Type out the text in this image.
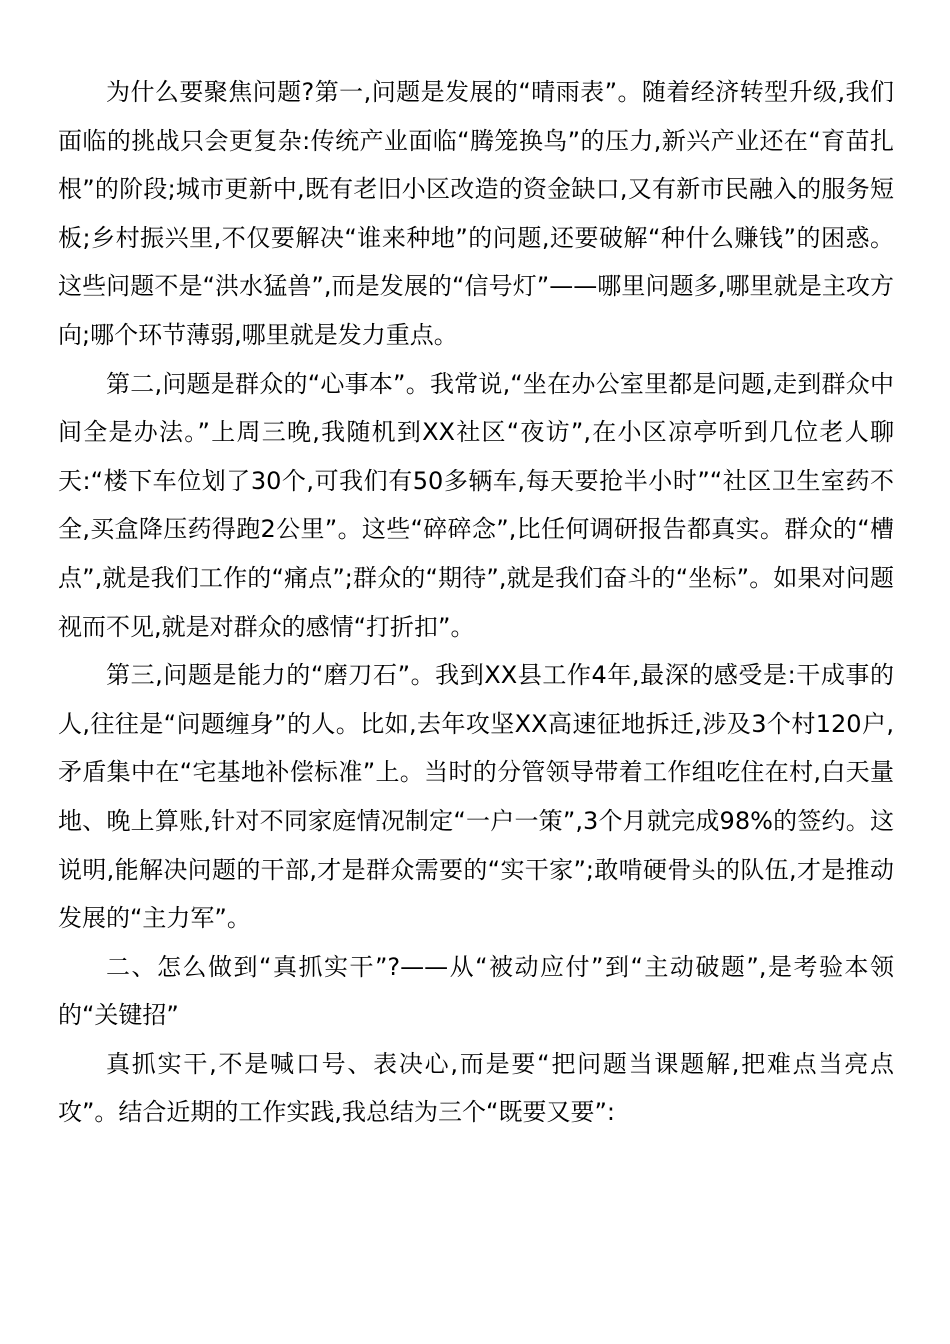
为什么要聚焦问题?第一,问题是发展的“晴雨表”。随着经济转型升级,我们面临的挑战只会更复杂:传统产业面临“腾笼换鸟”的压力,新兴产业还在“育苗扎根”的阶段;城市更新中,既有老旧小区改造的资金缺口,又有新市民融入的服务短板;乡村振兴里,不仅要解决“谁来种地”的问题,还要破解“种什么赚钱”的困惑。这些问题不是“洪水猛兽”,而是发展的“信号灯”——哪里问题多,哪里就是主攻方向;哪个环节薄弱,哪里就是发力重点。

第二,问题是群众的“心事本”。我常说,“坐在办公室里都是问题,走到群众中间全是办法。”上周三晚,我随机到XX社区“夜访”,在小区凉亭听到几位老人聊天:“楼下车位划了30个,可我们有50多辆车,每天要抢半小时”“社区卫生室药不全,买盒降压药得跑2公里”。这些“碎碎念”,比任何调研报告都真实。群众的“槽点”,就是我们工作的“痛点”;群众的“期待”,就是我们奋斗的“坐标”。如果对问题视而不见,就是对群众的感情“打折扣”。

第三,问题是能力的“磨刀石”。我到XX县工作4年,最深的感受是:干成事的人,往往是“问题缠身”的人。比如,去年攻坚XX高速征地拆迁,涉及3个村120户,矛盾集中在“宅基地补偿标准”上。当时的分管领导带着工作组吃住在村,白天量地、晚上算账,针对不同家庭情况制定“一户一策”,3个月就完成98%的签约。这说明,能解决问题的干部,才是群众需要的“实干家”;敢啃硬骨头的队伍,才是推动发展的“主力军”。

二、怎么做到“真抓实干”?——从“被动应付”到“主动破题”,是考验本领的“关键招”

真抓实干,不是喊口号、表决心,而是要“把问题当课题解,把难点当亮点攻”。结合近期的工作实践,我总结为三个“既要又要”:
